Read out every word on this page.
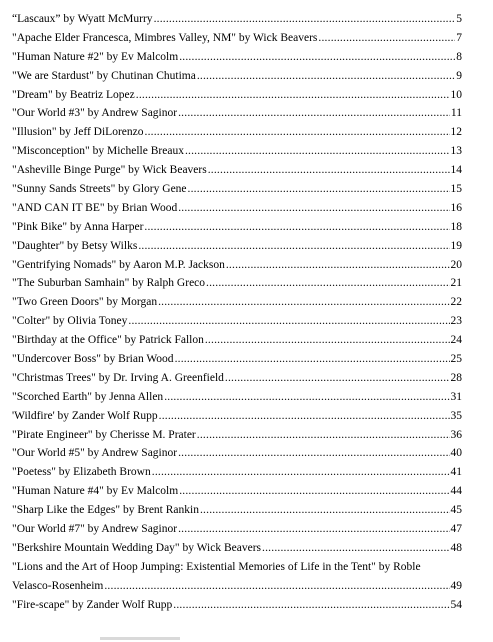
“Lascaux” by Wyatt McMurry .....	5
"Apache Elder Francesca, Mimbres Valley, NM" by Wick Beavers .....	7
"Human Nature #2" by Ev Malcolm .....	8
"We are Stardust" by Chutinan Chutima .....	9
"Dream" by Beatriz Lopez .....	10
"Our World #3" by Andrew Saginor .....	11
"Illusion" by Jeff DiLorenzo .....	12
"Misconception" by Michelle Breaux .....	13
"Asheville Binge Purge" by Wick Beavers .....	14
"Sunny Sands Streets" by Glory Gene .....	15
"AND CAN IT BE" by Brian Wood .....	16
"Pink Bike" by Anna Harper .....	18
"Daughter" by Betsy Wilks .....	19
"Gentrifying Nomads" by Aaron M.P. Jackson .....	20
"The Suburban Samhain" by Ralph Greco .....	21
"Two Green Doors" by Morgan .....	22
"Colter" by Olivia Toney .....	23
"Birthday at the Office" by Patrick Fallon .....	24
"Undercover Boss" by Brian Wood .....	25
"Christmas Trees" by Dr. Irving A. Greenfield .....	28
"Scorched Earth" by Jenna Allen .....	31
'Wildfire' by Zander Wolf Rupp .....	35
"Pirate Engineer" by Cherisse M. Prater .....	36
"Our World #5" by Andrew Saginor .....	40
"Poetess" by Elizabeth Brown .....	41
"Human Nature #4" by Ev Malcolm .....	44
"Sharp Like the Edges" by Brent Rankin .....	45
"Our World #7" by Andrew Saginor .....	47
"Berkshire Mountain Wedding Day" by Wick Beavers .....	48
"Lions and the Art of Hoop Jumping: Existential Memories of Life in the Tent" by Roble
Velasco-Rosenheim .....	49
"Fire-scape" by Zander Wolf Rupp .....	54
